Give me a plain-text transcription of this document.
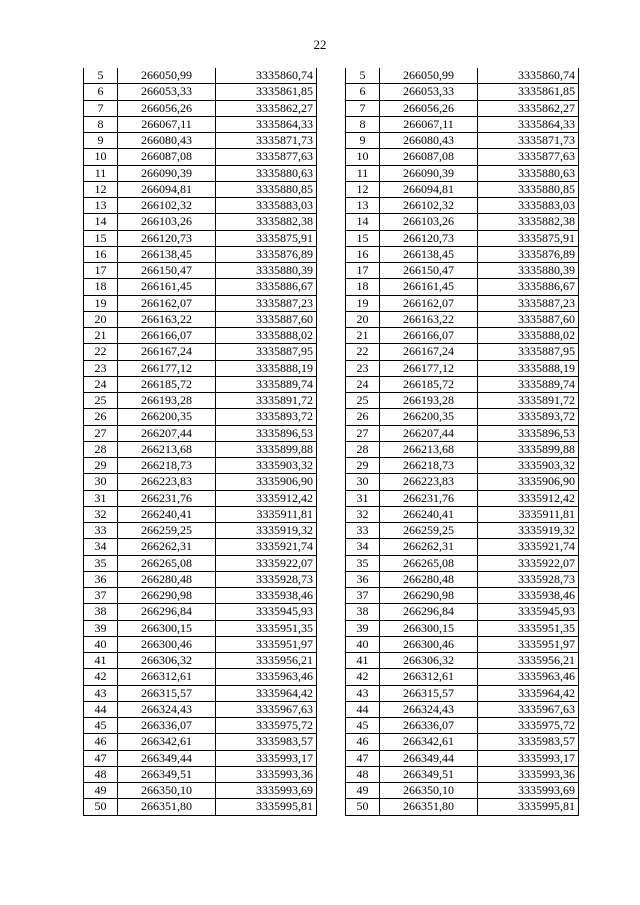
22
5	266050,99	3335860,74
6	266053,33	3335861,85
7	266056,26	3335862,27
8	266067,11	3335864,33
9	266080,43	3335871,73
10	266087,08	3335877,63
11	266090,39	3335880,63
12	266094,81	3335880,85
13	266102,32	3335883,03
14	266103,26	3335882,38
15	266120,73	3335875,91
16	266138,45	3335876,89
17	266150,47	3335880,39
18	266161,45	3335886,67
19	266162,07	3335887,23
20	266163,22	3335887,60
21	266166,07	3335888,02
22	266167,24	3335887,95
23	266177,12	3335888,19
24	266185,72	3335889,74
25	266193,28	3335891,72
26	266200,35	3335893,72
27	266207,44	3335896,53
28	266213,68	3335899,88
29	266218,73	3335903,32
30	266223,83	3335906,90
31	266231,76	3335912,42
32	266240,41	3335911,81
33	266259,25	3335919,32
34	266262,31	3335921,74
35	266265,08	3335922,07
36	266280,48	3335928,73
37	266290,98	3335938,46
38	266296,84	3335945,93
39	266300,15	3335951,35
40	266300,46	3335951,97
41	266306,32	3335956,21
42	266312,61	3335963,46
43	266315,57	3335964,42
44	266324,43	3335967,63
45	266336,07	3335975,72
46	266342,61	3335983,57
47	266349,44	3335993,17
48	266349,51	3335993,36
49	266350,10	3335993,69
50	266351,80	3335995,81
5	266050,99	3335860,74
6	266053,33	3335861,85
7	266056,26	3335862,27
8	266067,11	3335864,33
9	266080,43	3335871,73
10	266087,08	3335877,63
11	266090,39	3335880,63
12	266094,81	3335880,85
13	266102,32	3335883,03
14	266103,26	3335882,38
15	266120,73	3335875,91
16	266138,45	3335876,89
17	266150,47	3335880,39
18	266161,45	3335886,67
19	266162,07	3335887,23
20	266163,22	3335887,60
21	266166,07	3335888,02
22	266167,24	3335887,95
23	266177,12	3335888,19
24	266185,72	3335889,74
25	266193,28	3335891,72
26	266200,35	3335893,72
27	266207,44	3335896,53
28	266213,68	3335899,88
29	266218,73	3335903,32
30	266223,83	3335906,90
31	266231,76	3335912,42
32	266240,41	3335911,81
33	266259,25	3335919,32
34	266262,31	3335921,74
35	266265,08	3335922,07
36	266280,48	3335928,73
37	266290,98	3335938,46
38	266296,84	3335945,93
39	266300,15	3335951,35
40	266300,46	3335951,97
41	266306,32	3335956,21
42	266312,61	3335963,46
43	266315,57	3335964,42
44	266324,43	3335967,63
45	266336,07	3335975,72
46	266342,61	3335983,57
47	266349,44	3335993,17
48	266349,51	3335993,36
49	266350,10	3335993,69
50	266351,80	3335995,81
